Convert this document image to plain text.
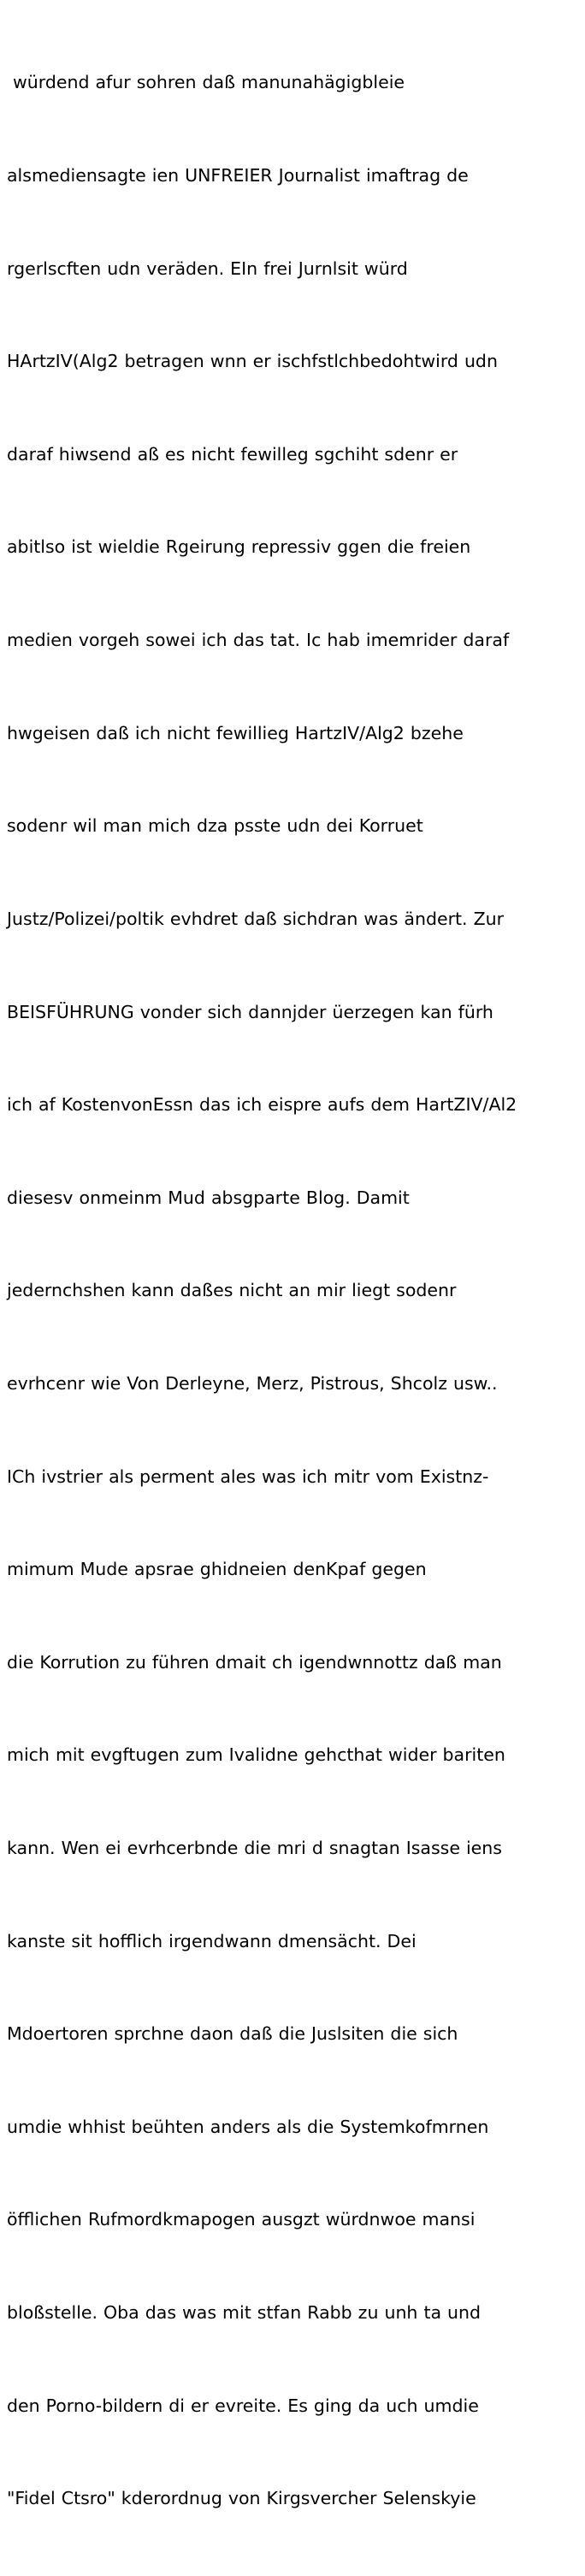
würdend afur sohren daß manunahägigbleie

alsmediensagte ien UNFREIER Journalist imaftrag de

rgerlscften udn veräden. EIn frei Jurnlsit würd

HArtzIV(Alg2 betragen wnn er ischfstlchbedohtwird udn

daraf hiwsend aß es nicht fewilleg sgchiht sdenr er

abitlso ist wieldie Rgeirung repressiv ggen die freien

medien vorgeh sowei ich das tat. Ic hab imemrider daraf

hwgeisen daß ich nicht fewillieg HartzIV/Alg2 bzehe

sodenr wil man mich dza psste udn dei Korruet

Justz/Polizei/poltik evhdret daß sichdran was ändert. Zur

BEISFÜHRUNG vonder sich dannjder üerzegen kan fürh

ich af KostenvonEssn das ich eispre aufs dem HartZIV/Al2

diesesv onmeinm Mud absgparte Blog. Damit

jedernchshen kann daßes nicht an mir liegt sodenr

evrhcenr wie Von Derleyne, Merz, Pistrous, Shcolz usw..

ICh ivstrier als perment ales was ich mitr vom Existnz-

mimum Mude apsrae ghidneien denKpaf gegen

die Korrution zu führen dmait ch igendwnnottz daß man

mich mit evgftugen zum Ivalidne gehcthat wider bariten

kann. Wen ei evrhcerbnde die mri d snagtan Isasse iens

kanste sit hofflich irgendwann dmensächt. Dei

Mdoertoren sprchne daon daß die Juslsiten die sich

umdie whhist beühten anders als die Systemkofmrnen

öfflichen Rufmordkmapogen ausgzt würdnwoe mansi

bloßstelle. Oba das was mit stfan Rabb zu unh ta und

den Porno-bildern di er evreite. Es ging da uch umdie

"Fidel Ctsro" kderordnug von Kirgsvercher Selenskyie
